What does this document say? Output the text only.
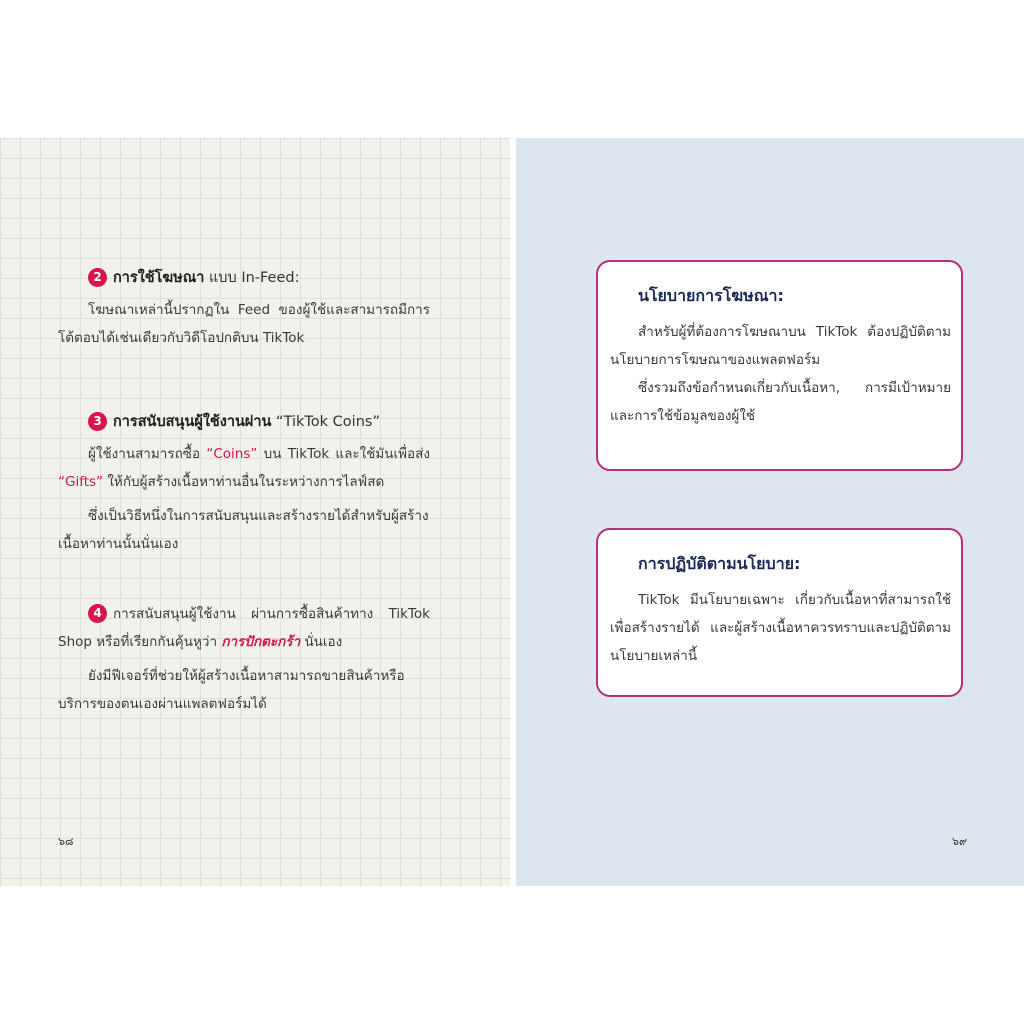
2 การใช้โฆษณา แบบ In-Feed:

โฆษณาเหล่านี้ปรากฏใน Feed ของผู้ใช้และสามารถมีการโต้ตอบได้เช่นเดียวกับวิดีโอปกติบน TikTok

3 การสนับสนุนผู้ใช้งานผ่าน “TikTok Coins”

ผู้ใช้งานสามารถซื้อ “Coins” บน TikTok และใช้มันเพื่อส่ง “Gifts” ให้กับผู้สร้างเนื้อหาท่านอื่นในระหว่างการไลฟ์สด

ซึ่งเป็นวิธีหนึ่งในการสนับสนุนและสร้างรายได้สำหรับผู้สร้างเนื้อหาท่านนั้นนั่นเอง

4 การสนับสนุนผู้ใช้งาน ผ่านการซื้อสินค้าทาง TikTok Shop หรือที่เรียกกันคุ้นหูว่า การปักตะกร้า นั่นเอง

ยังมีฟีเจอร์ที่ช่วยให้ผู้สร้างเนื้อหาสามารถขายสินค้าหรือบริการของตนเองผ่านแพลตฟอร์มได้

๖๘
นโยบายการโฆษณา:

สำหรับผู้ที่ต้องการโฆษณาบน TikTok ต้องปฏิบัติตามนโยบายการโฆษณาของแพลตฟอร์ม

ซึ่งรวมถึงข้อกำหนดเกี่ยวกับเนื้อหา, การมีเป้าหมาย และการใช้ข้อมูลของผู้ใช้

การปฏิบัติตามนโยบาย:

TikTok มีนโยบายเฉพาะ เกี่ยวกับเนื้อหาที่สามารถใช้เพื่อสร้างรายได้ และผู้สร้างเนื้อหาควรทราบและปฏิบัติตามนโยบายเหล่านี้

๖๙
